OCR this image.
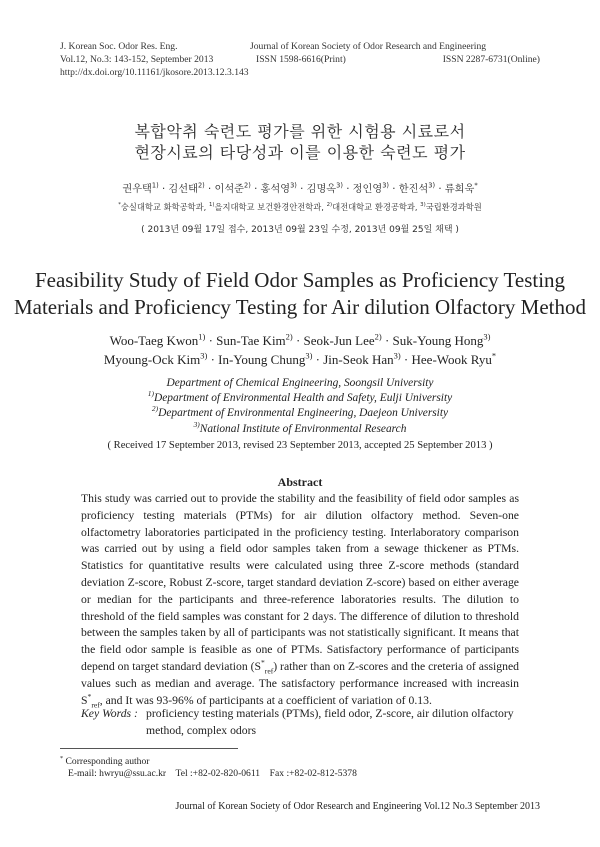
J. Korean Soc. Odor Res. Eng.	Journal of Korean Society of Odor Research and Engineering
Vol.12, No.3: 143-152, September 2013	ISSN 1598-6616(Print)	ISSN 2287-6731(Online)
http://dx.doi.org/10.11161/jkosore.2013.12.3.143
복합악취 숙련도 평가를 위한 시험용 시료로서
현장시료의 타당성과 이를 이용한 숙련도 평가
권우택$^{1)}$ · 김선태$^{2)}$ · 이석준$^{2)}$ · 홍석영$^{3)}$ · 김명옥$^{3)}$ · 정인영$^{3)}$ · 한진석$^{3)}$ · 류희욱*
*숭실대학교 화학공학과, $^{1)}$을지대학교 보건환경안전학과, $^{2)}$대전대학교 환경공학과, $^{3)}$국립환경과학원
( 2013년 09월 17일 접수, 2013년 09월 23일 수정, 2013년 09월 25일 채택 )
Feasibility Study of Field Odor Samples as Proficiency Testing
Materials and Proficiency Testing for Air dilution Olfactory Method
Woo-Taeg Kwon$^{1)}$ · Sun-Tae Kim$^{2)}$ · Seok-Jun Lee$^{2)}$ · Suk-Young Hong$^{3)}$
Myoung-Ock Kim$^{3)}$ · In-Young Chung$^{3)}$ · Jin-Seok Han$^{3)}$ · Hee-Wook Ryu*
Department of Chemical Engineering, Soongsil University
$^{1)}$Department of Environmental Health and Safety, Eulji University
$^{2)}$Department of Environmental Engineering, Daejeon University
$^{3)}$National Institute of Environmental Research
( Received 17 September 2013, revised 23 September 2013, accepted 25 September 2013 )
Abstract
This study was carried out to provide the stability and the feasibility of field odor samples as proficiency testing materials (PTMs) for air dilution olfactory method. Seven-one olfactometry laboratories participated in the proficiency testing. Interlaboratory comparison was carried out by using a field odor samples taken from a sewage thickener as PTMs. Statistics for quantitative results were calculated using three Z-score methods (standard deviation Z-score, Robust Z-score, target standard deviation Z-score) based on either average or median for the participants and three-reference laboratories results. The dilution to threshold of the field samples was constant for 2 days. The difference of dilution to threshold between the samples taken by all of participants was not statistically significant. It means that the field odor sample is feasible as one of PTMs. Satisfactory performance of participants depend on target standard deviation $(S^*_{ref})$ rather than on Z-scores and the creteria of assigned values such as median and average. The satisfactory performance increased with increasin $S^*_{ref}$, and It was 93-96% of participants at a coefficient of variation of 0.13.
Key Words : proficiency testing materials (PTMs), field odor, Z-score, air dilution olfactory method, complex odors
* Corresponding author
E-mail: hwryu@ssu.ac.kr    Tel :+82-02-820-0611    Fax :+82-02-812-5378
Journal of Korean Society of Odor Research and Engineering Vol.12 No.3 September 2013
